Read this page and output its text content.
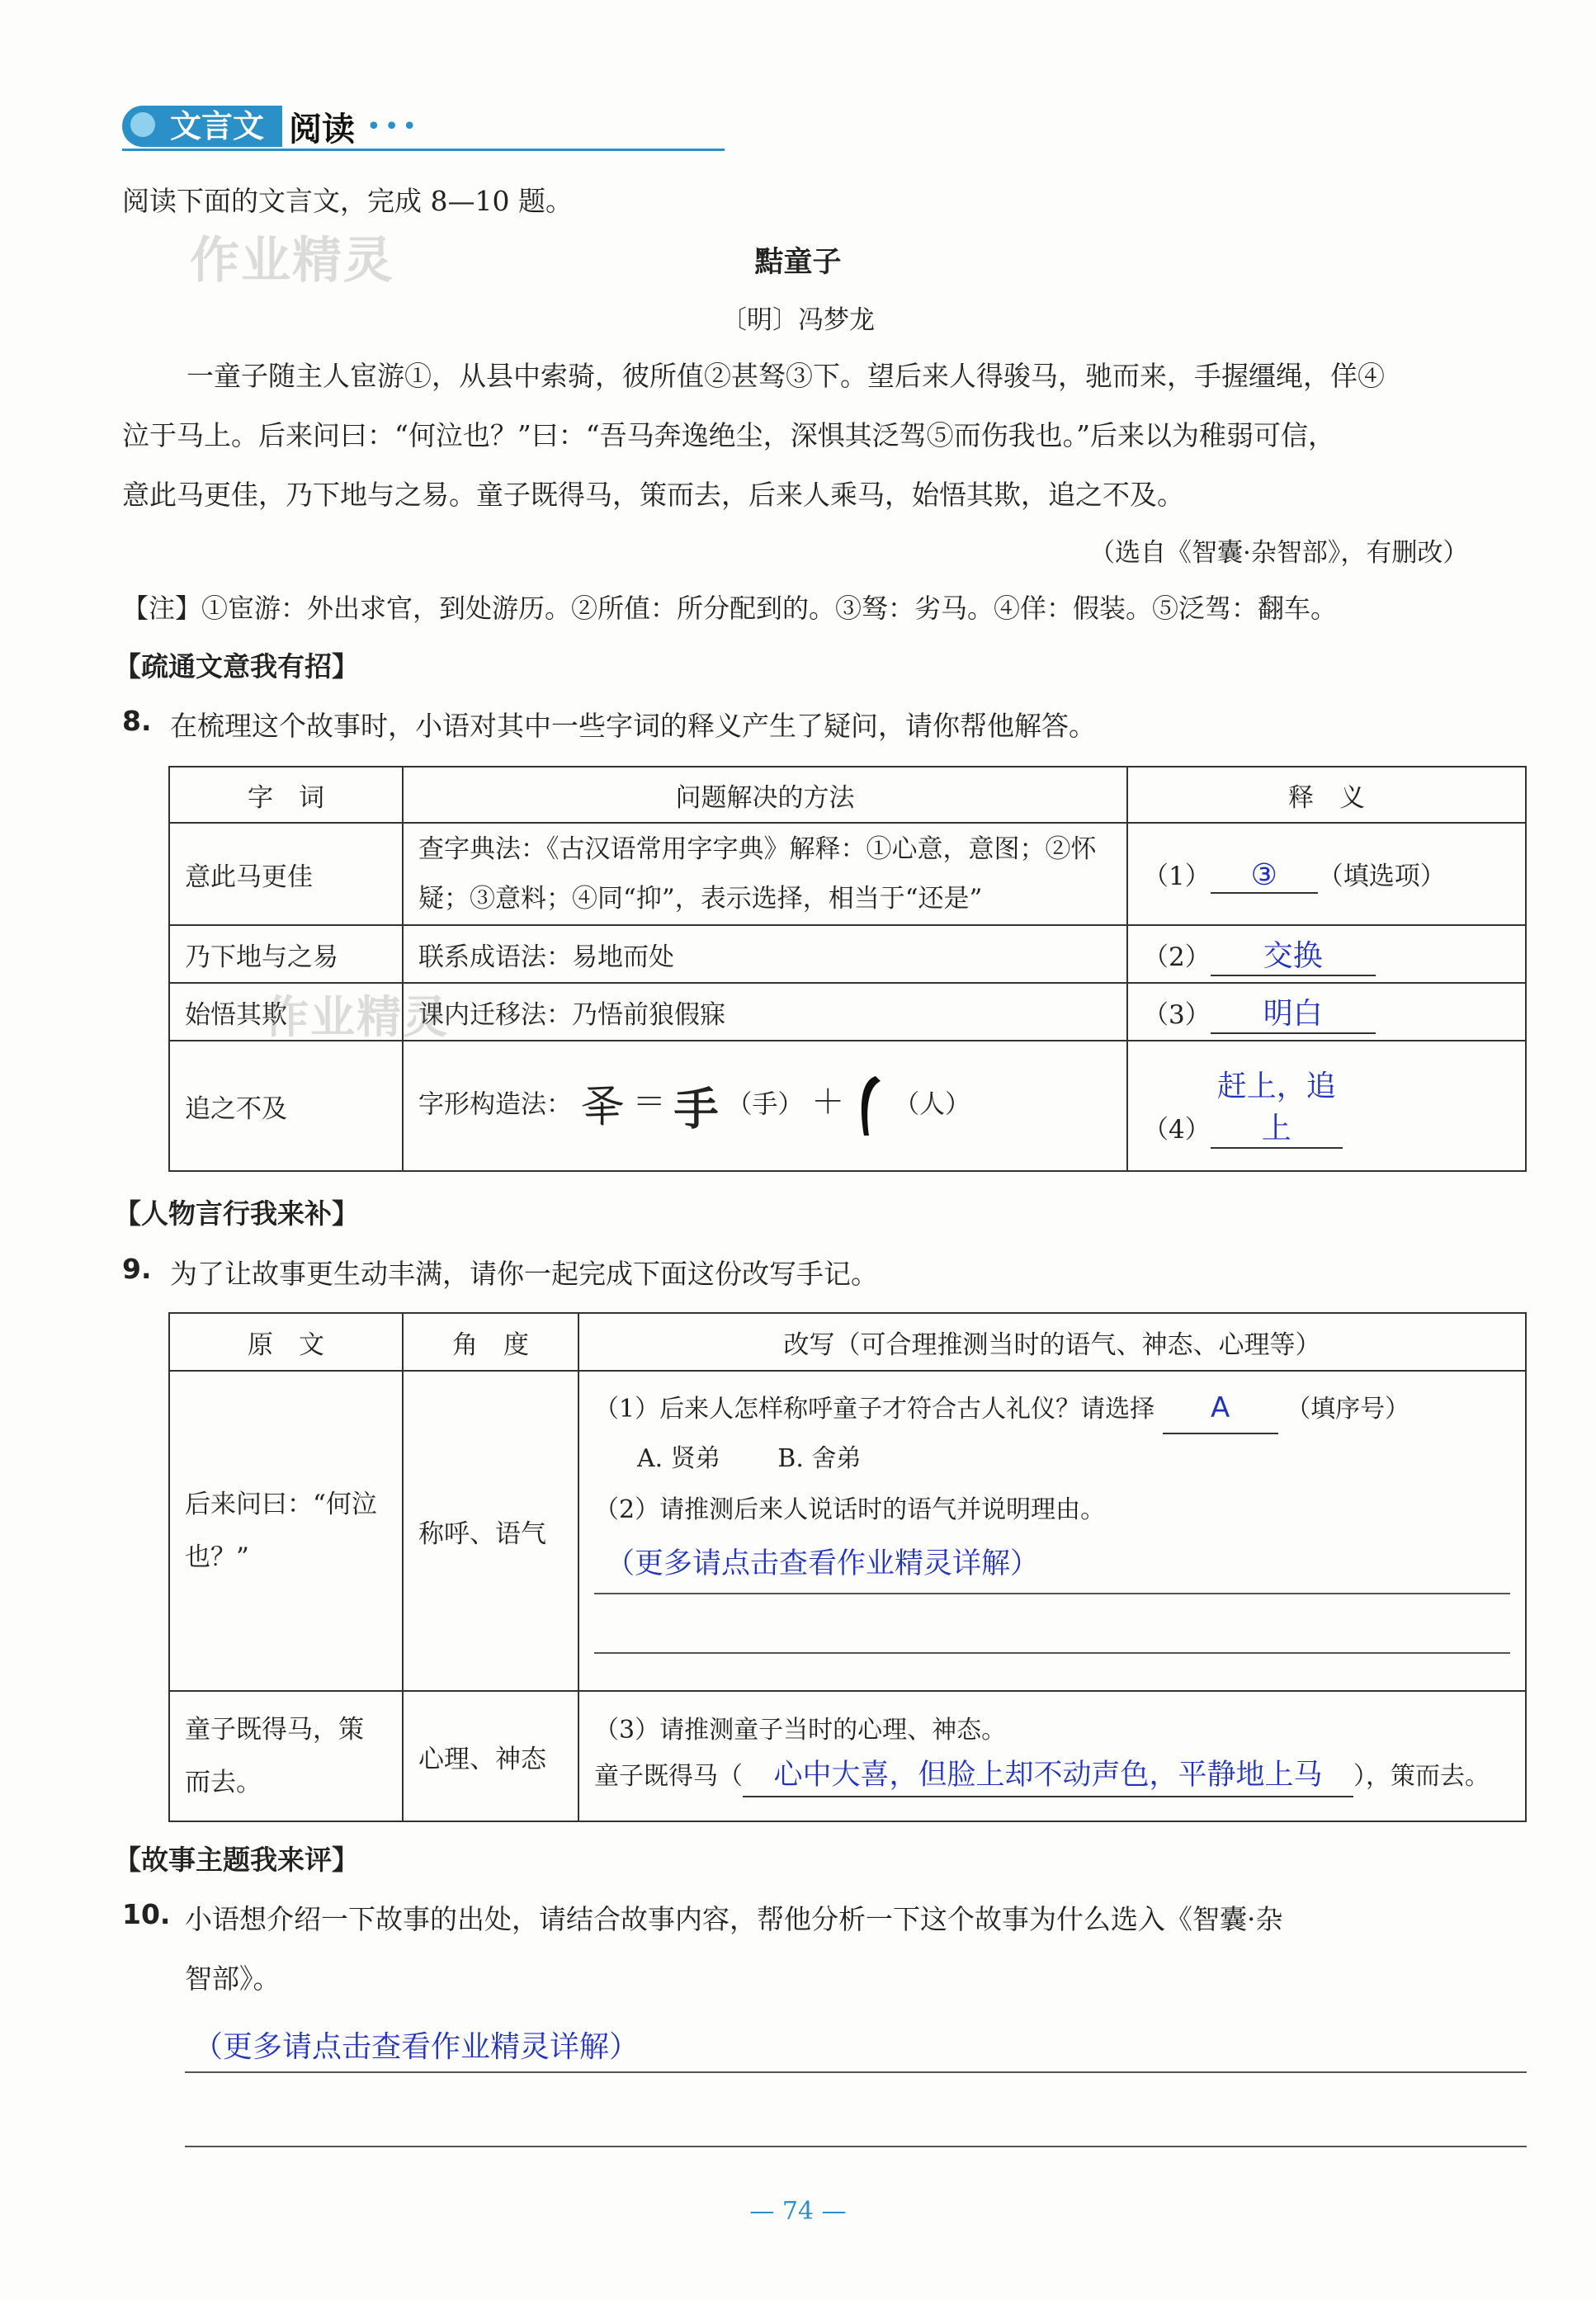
文言文 阅读 •••
阅读下面的文言文，完成 8—10 题。
作业精灵	黠童子
〔明〕冯梦龙
一童子随主人宦游①，从县中索骑，彼所值②甚驽③下。望后来人得骏马，驰而来，手握缰绳，佯④
泣于马上。后来问曰：“何泣也？”曰：“吾马奔逸绝尘，深惧其泛驾⑤而伤我也。”后来以为稚弱可信，
意此马更佳，乃下地与之易。童子既得马，策而去，后来人乘马，始悟其欺，追之不及。
（选自《智囊·杂智部》，有删改）
【注】①宦游：外出求官，到处游历。②所值：所分配到的。③驽：劣马。④佯：假装。⑤泛驾：翻车。
【疏通文意我有招】
8. 在梳理这个故事时，小语对其中一些字词的释义产生了疑问，请你帮他解答。
字　词	问题解决的方法	释　义
意此马更佳	查字典法：《古汉语常用字字典》解释：①心意，意图；②怀疑；③意料；④同“抑”，表示选择，相当于“还是”	（1） ③ （填选项）
乃下地与之易	联系成语法：易地而处	（2） 交换
始悟其欺	课内迁移法：乃悟前狼假寐	（3） 明白
追之不及	字形构造法： 𠬤 ＝ 手 （手） ＋ （人）	（4）赶上，追上
作业精灵
【人物言行我来补】
9. 为了让故事更生动丰满，请你一起完成下面这份改写手记。
原　文	角　度	改写（可合理推测当时的语气、神态、心理等）
后来问曰：“何泣也？”	称呼、语气	（1）后来人怎样称呼童子才符合古人礼仪？请选择 A （填序号）
A. 贤弟 B. 舍弟
（2）请推测后来人说话时的语气并说明理由。
（更多请点击查看作业精灵详解）

童子既得马，策而去。	心理、神态	（3）请推测童子当时的心理、神态。
童子既得马（ 心中大喜，但脸上却不动声色，平静地上马 ），策而去。
【故事主题我来评】
10. 小语想介绍一下故事的出处，请结合故事内容，帮他分析一下这个故事为什么选入《智囊·杂
智部》。
（更多请点击查看作业精灵详解）
— 74 —
